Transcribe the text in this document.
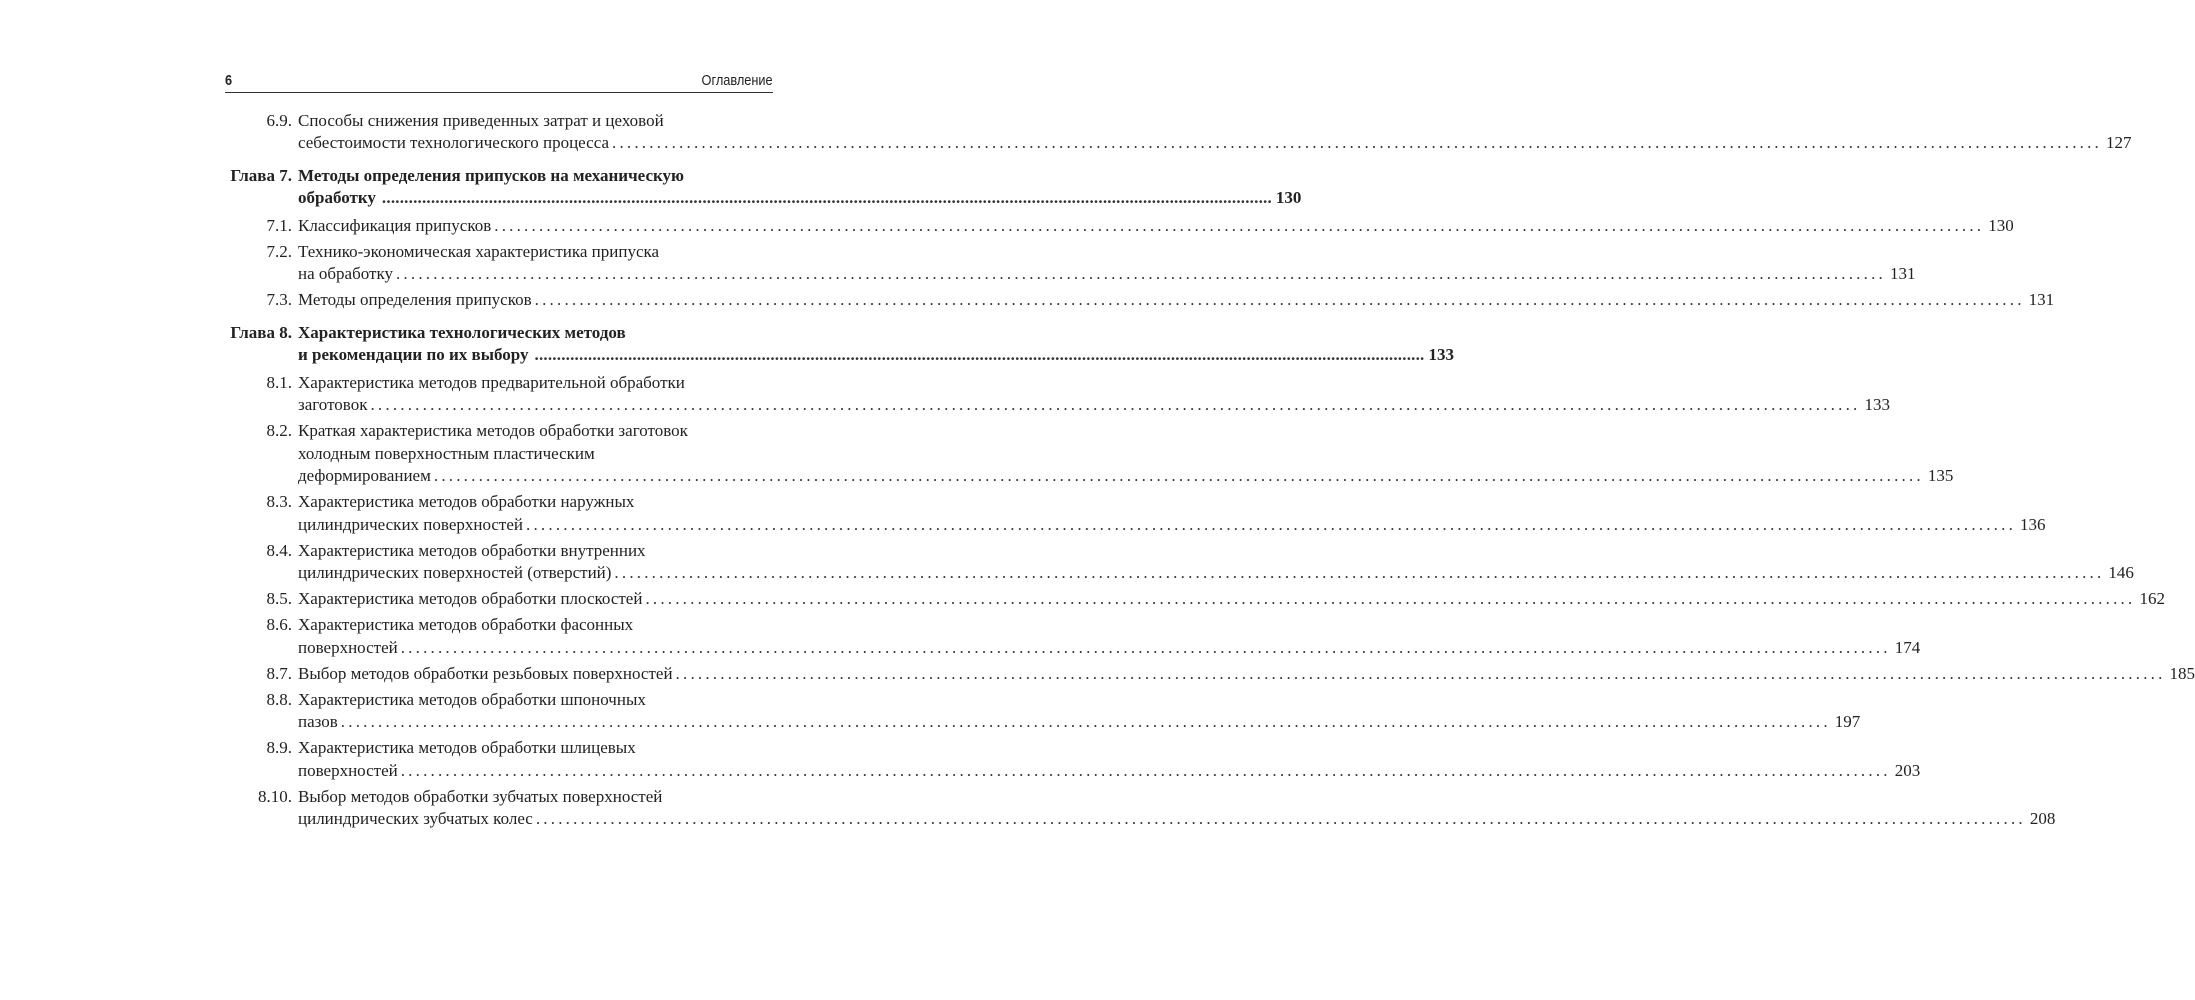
6	Оглавление
6.9. Способы снижения приведенных затрат и цеховой
себестоимости технологического процесса ........................................................................................................................................................................................................ 127
Глава 7. Методы определения припусков на механическую
обработку ........................................................................................................................................................................................................ 130
7.1. Классификация припусков ........................................................................................................................................................................................................ 130
7.2. Технико-экономическая характеристика припуска
на обработку ........................................................................................................................................................................................................ 131
7.3. Методы определения припусков ........................................................................................................................................................................................................ 131
Глава 8. Характеристика технологических методов
и рекомендации по их выбору ........................................................................................................................................................................................................ 133
8.1. Характеристика методов предварительной обработки
заготовок ........................................................................................................................................................................................................ 133
8.2. Краткая характеристика методов обработки заготовок
холодным поверхностным пластическим
деформированием ........................................................................................................................................................................................................ 135
8.3. Характеристика методов обработки наружных
цилиндрических поверхностей ........................................................................................................................................................................................................ 136
8.4. Характеристика методов обработки внутренних
цилиндрических поверхностей (отверстий) ........................................................................................................................................................................................................ 146
8.5. Характеристика методов обработки плоскостей ........................................................................................................................................................................................................ 162
8.6. Характеристика методов обработки фасонных
поверхностей ........................................................................................................................................................................................................ 174
8.7. Выбор методов обработки резьбовых поверхностей ........................................................................................................................................................................................................ 185
8.8. Характеристика методов обработки шпоночных
пазов ........................................................................................................................................................................................................ 197
8.9. Характеристика методов обработки шлицевых
поверхностей ........................................................................................................................................................................................................ 203
8.10. Выбор методов обработки зубчатых поверхностей
цилиндрических зубчатых колес ........................................................................................................................................................................................................ 208
